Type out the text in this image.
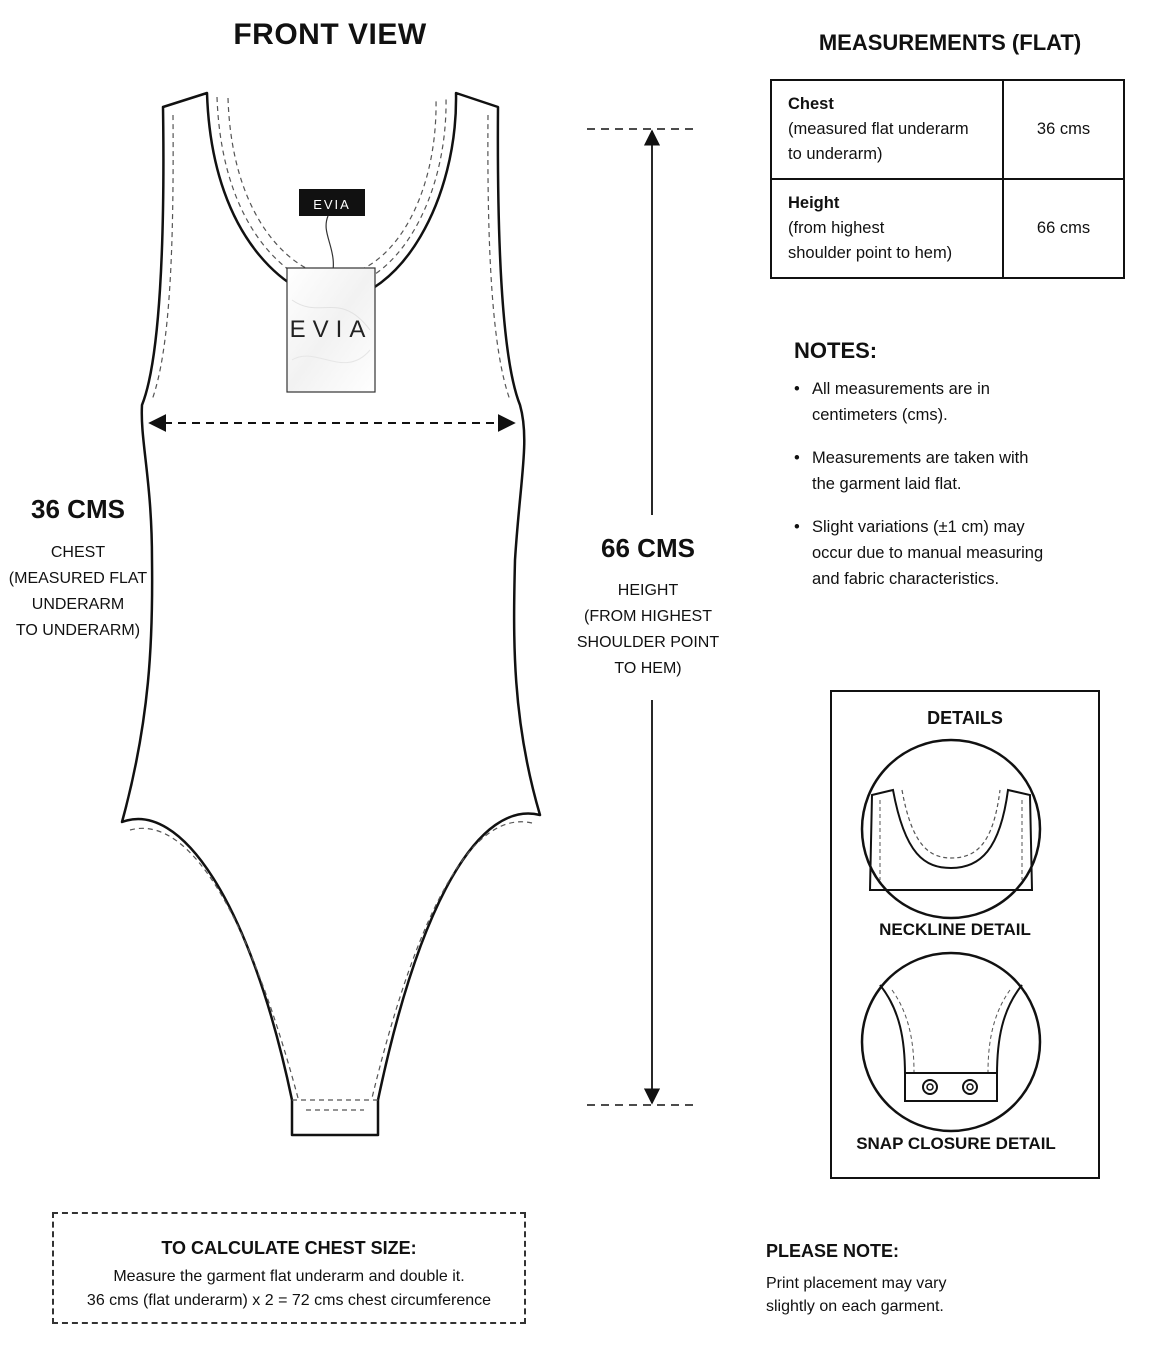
EVIA
EVIA
FRONT VIEW	MEASUREMENTS (FLAT)
Chest
(measured flat underarm
to underarm)	36 cms

Height
(from highest
shoulder point to hem)	66 cms
NOTES:
• All measurements are in
centimeters (cms).
• Measurements are taken with
the garment laid flat.
• Slight variations (±1 cm) may
occur due to manual measuring
and fabric characteristics.
36 CMS
CHEST
(MEASURED FLAT
UNDERARM
TO UNDERARM)
66 CMS
HEIGHT
(FROM HIGHEST
SHOULDER POINT
TO HEM)
DETAILS
NECKLINE DETAIL
SNAP CLOSURE DETAIL
TO CALCULATE CHEST SIZE:
Measure the garment flat underarm and double it.
36 cms (flat underarm) x 2 = 72 cms chest circumference
PLEASE NOTE:
Print placement may vary
slightly on each garment.
